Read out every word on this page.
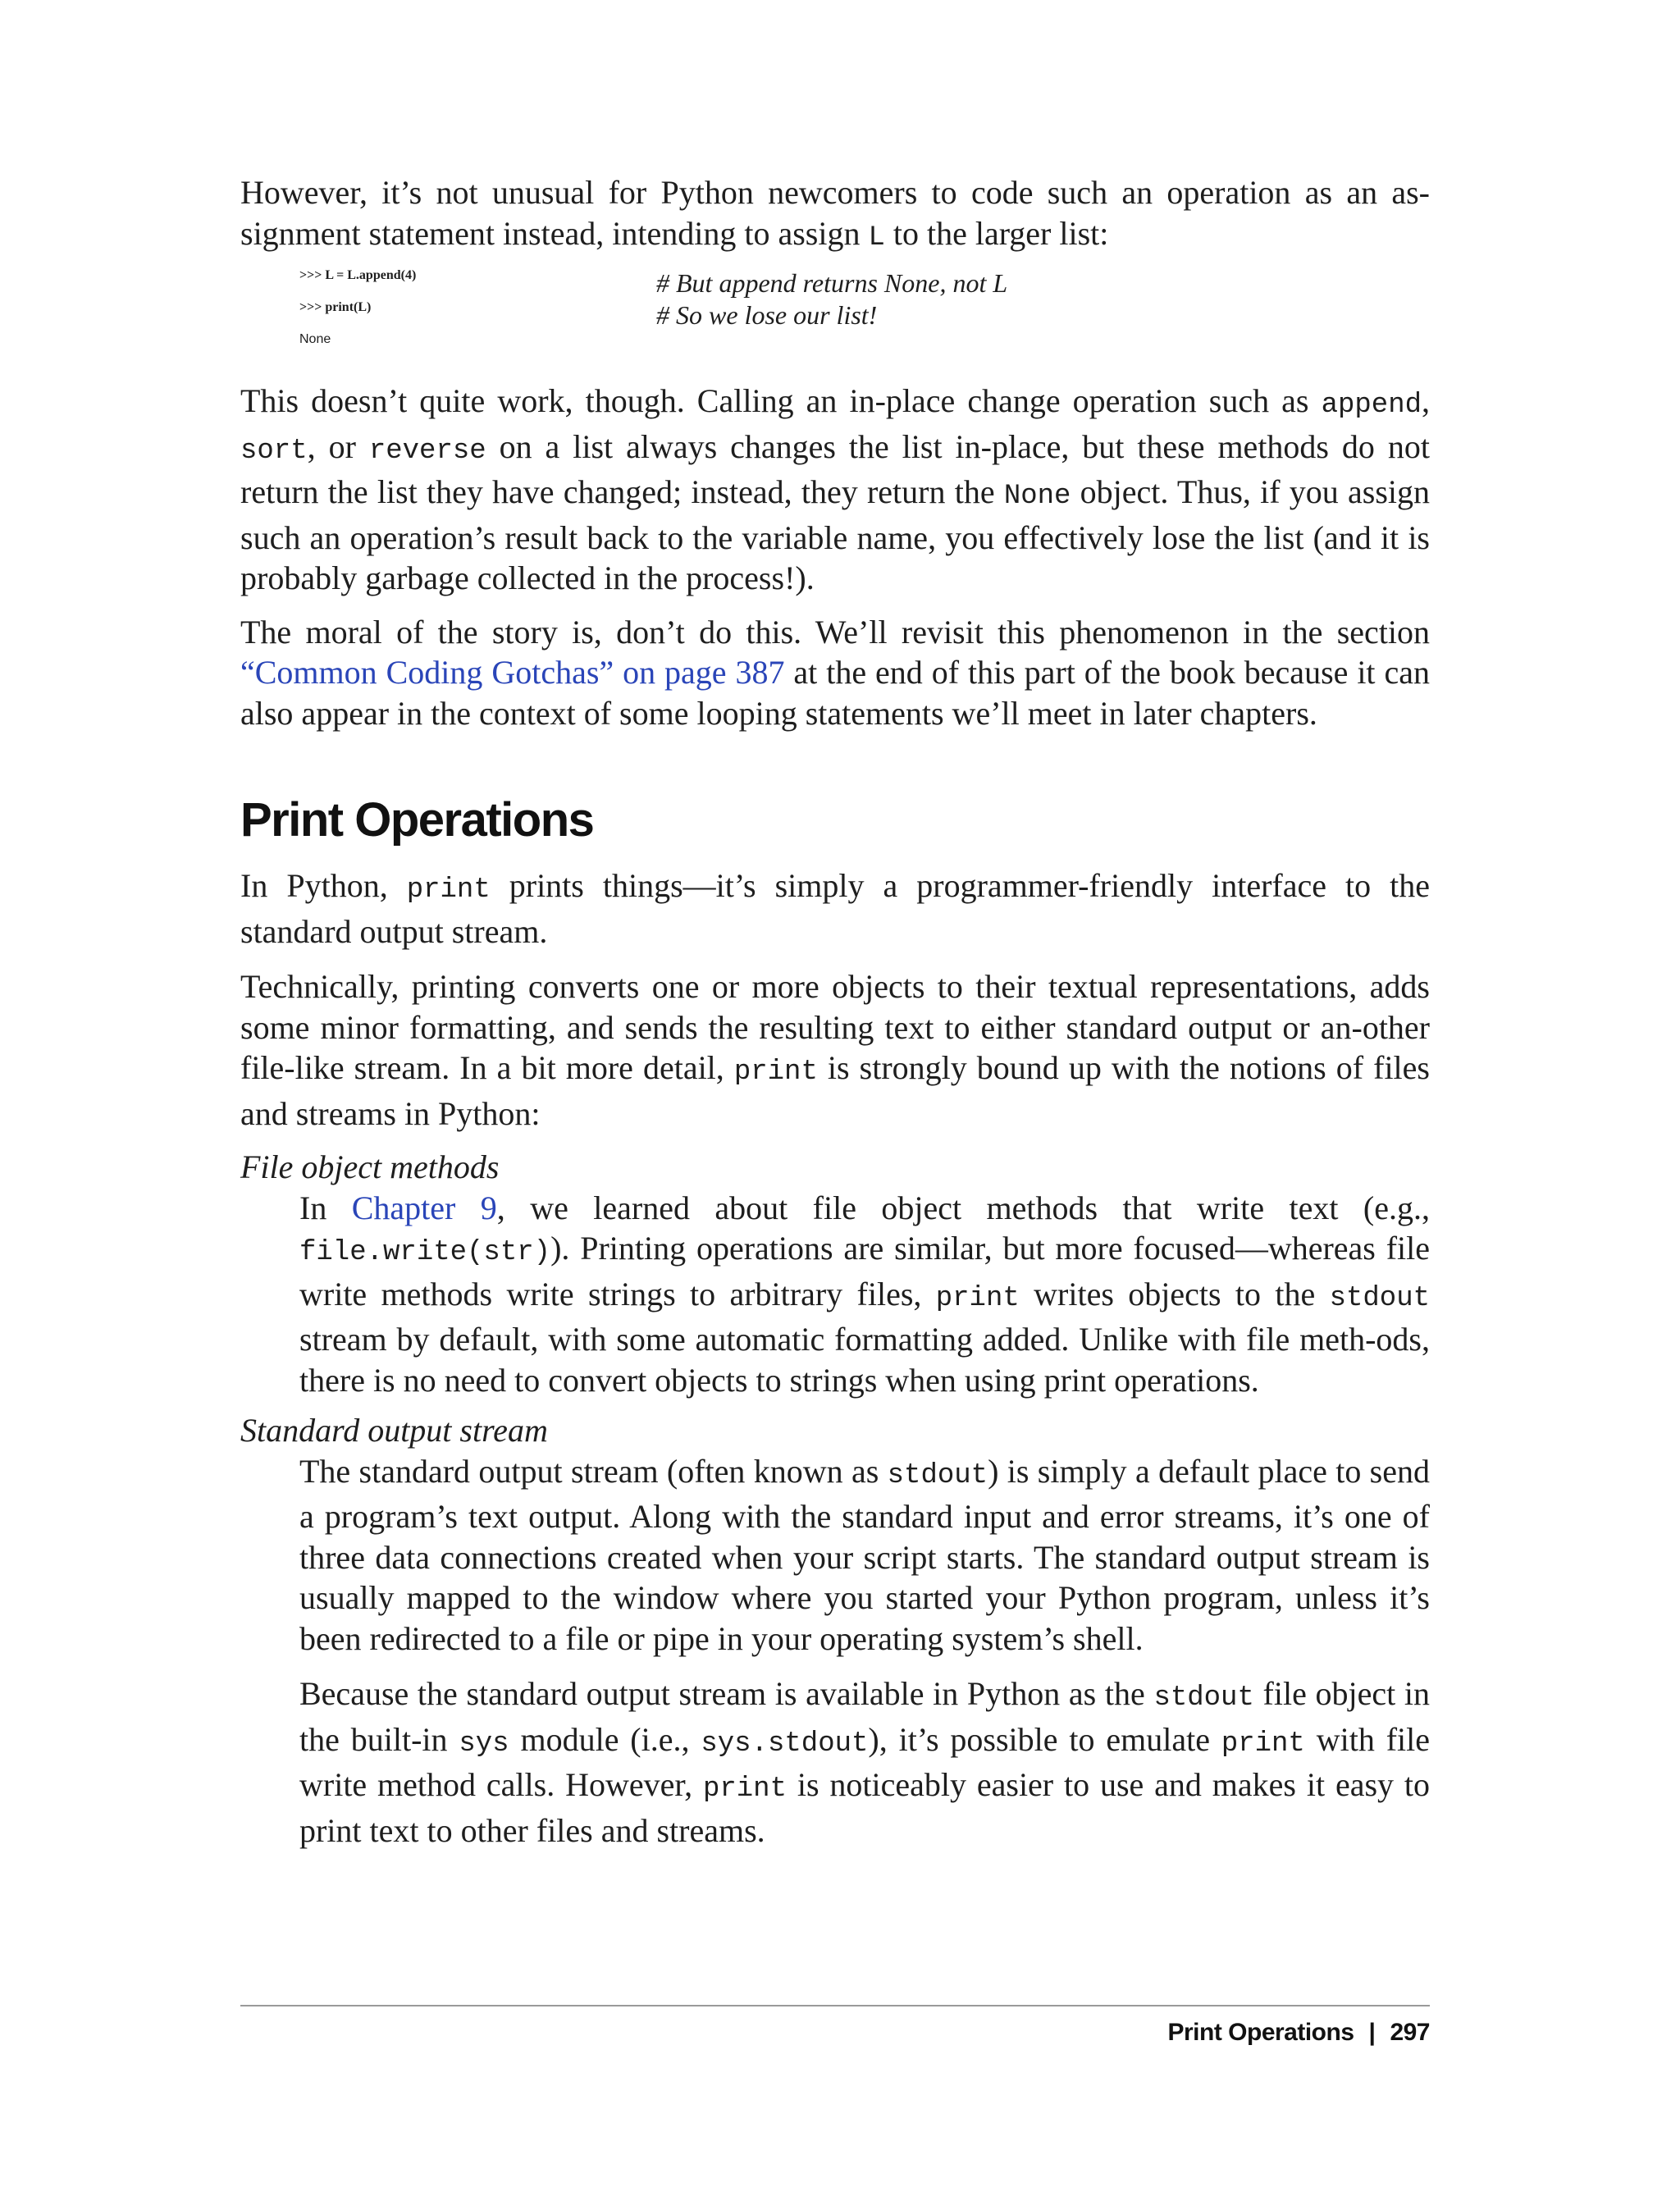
However, it’s not unusual for Python newcomers to code such an operation as an as-signment statement instead, intending to assign L to the larger list:

>>> L = L.append(4)	# But append returns None, not L
>>> print(L)	# So we lose our list!
None

This doesn’t quite work, though. Calling an in-place change operation such as append, sort, or reverse on a list always changes the list in-place, but these methods do not return the list they have changed; instead, they return the None object. Thus, if you assign such an operation’s result back to the variable name, you effectively lose the list (and it is probably garbage collected in the process!).

The moral of the story is, don’t do this. We’ll revisit this phenomenon in the section “Common Coding Gotchas” on page 387 at the end of this part of the book because it can also appear in the context of some looping statements we’ll meet in later chapters.

Print Operations

In Python, print prints things—it’s simply a programmer-friendly interface to the standard output stream.

Technically, printing converts one or more objects to their textual representations, adds some minor formatting, and sends the resulting text to either standard output or an-other file-like stream. In a bit more detail, print is strongly bound up with the notions of files and streams in Python:

File object methods

In Chapter 9, we learned about file object methods that write text (e.g., file.write(str)). Printing operations are similar, but more focused—whereas file write methods write strings to arbitrary files, print writes objects to the stdout stream by default, with some automatic formatting added. Unlike with file meth-ods, there is no need to convert objects to strings when using print operations.

Standard output stream

The standard output stream (often known as stdout) is simply a default place to send a program’s text output. Along with the standard input and error streams, it’s one of three data connections created when your script starts. The standard output stream is usually mapped to the window where you started your Python program, unless it’s been redirected to a file or pipe in your operating system’s shell.

Because the standard output stream is available in Python as the stdout file object in the built-in sys module (i.e., sys.stdout), it’s possible to emulate print with file write method calls. However, print is noticeably easier to use and makes it easy to print text to other files and streams.

Print Operations | 297
